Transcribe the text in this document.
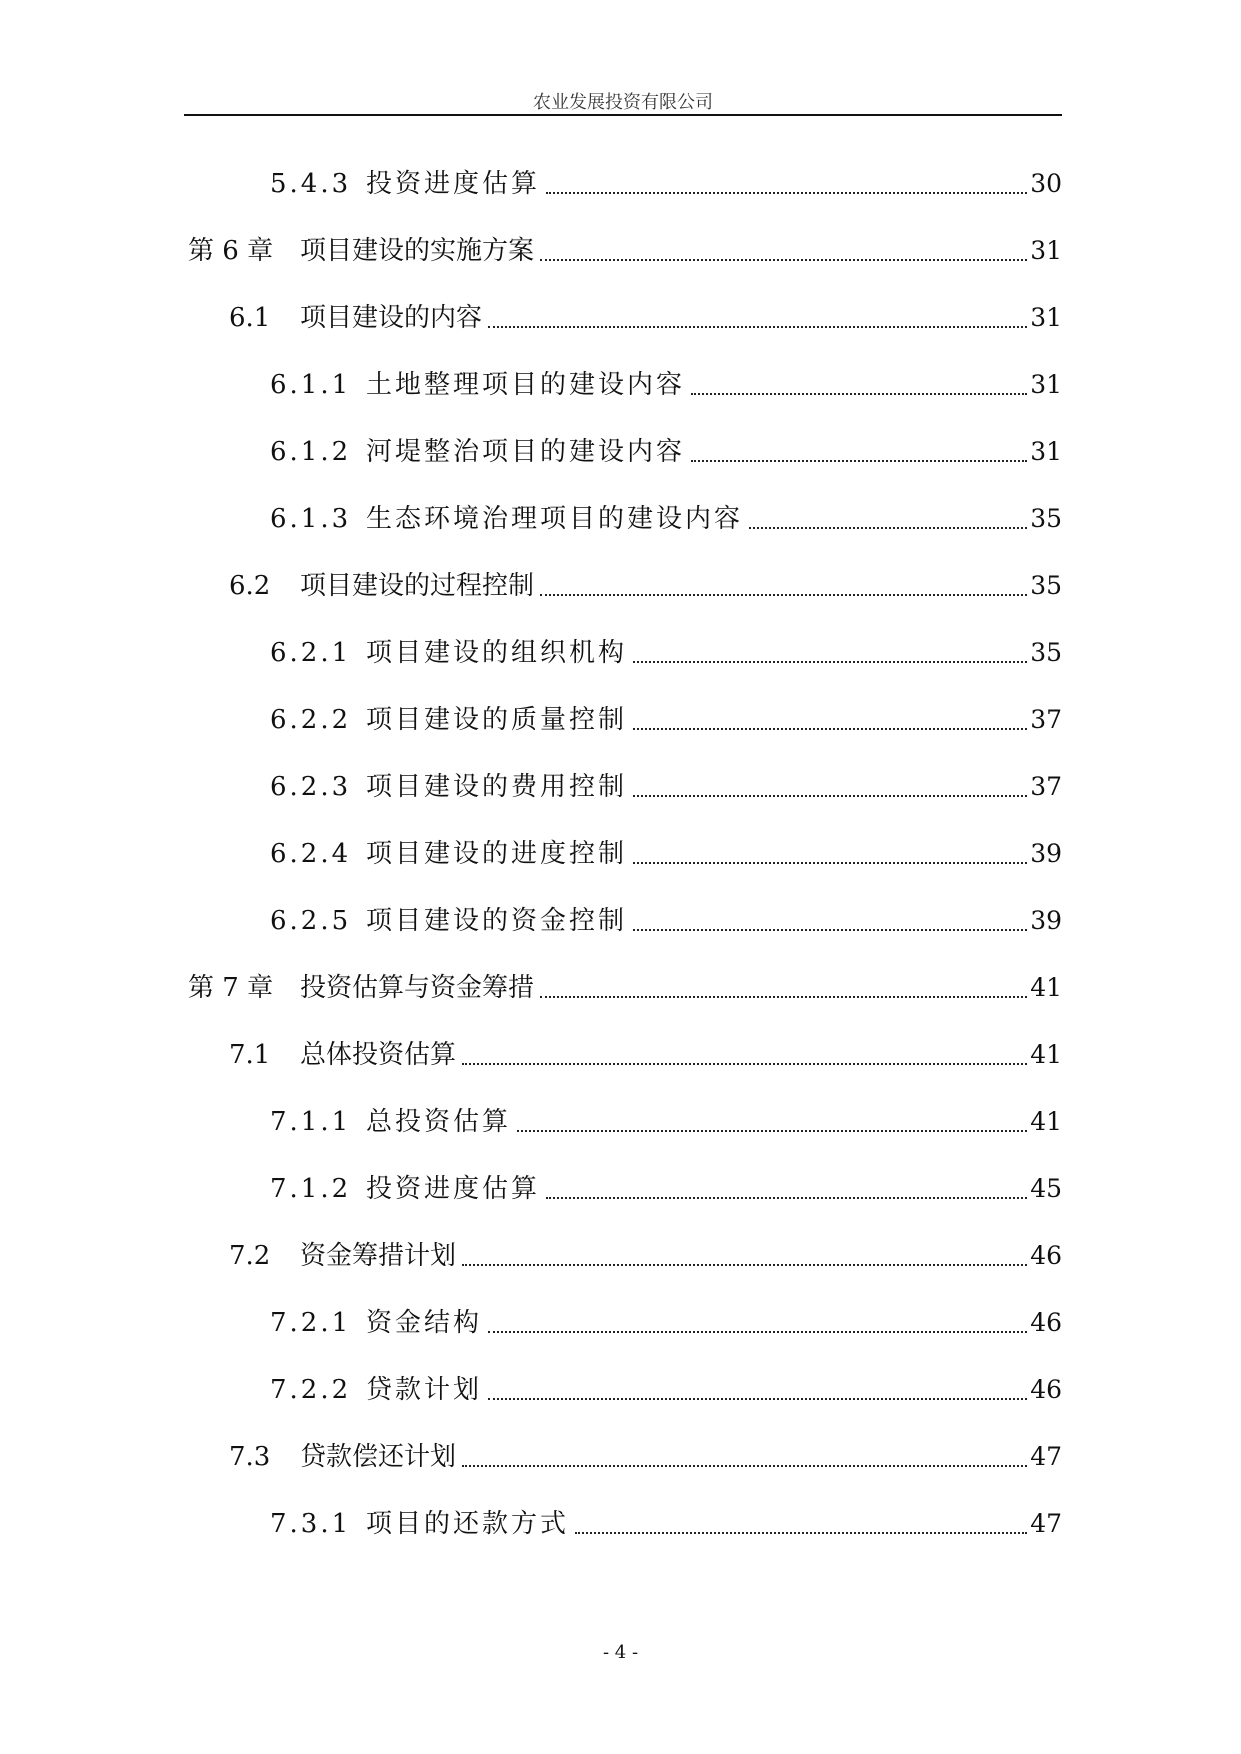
农业发展投资有限公司
5.4.3 投资进度估算	30
第 6 章	项目建设的实施方案	31
6.1	项目建设的内容	31
6.1.1 土地整理项目的建设内容	31
6.1.2 河堤整治项目的建设内容	31
6.1.3 生态环境治理项目的建设内容	35
6.2	项目建设的过程控制	35
6.2.1 项目建设的组织机构	35
6.2.2 项目建设的质量控制	37
6.2.3 项目建设的费用控制	37
6.2.4 项目建设的进度控制	39
6.2.5 项目建设的资金控制	39
第 7 章	投资估算与资金筹措	41
7.1	总体投资估算	41
7.1.1 总投资估算	41
7.1.2 投资进度估算	45
7.2	资金筹措计划	46
7.2.1 资金结构	46
7.2.2 贷款计划	46
7.3	贷款偿还计划	47
7.3.1 项目的还款方式	47
- 4 -
